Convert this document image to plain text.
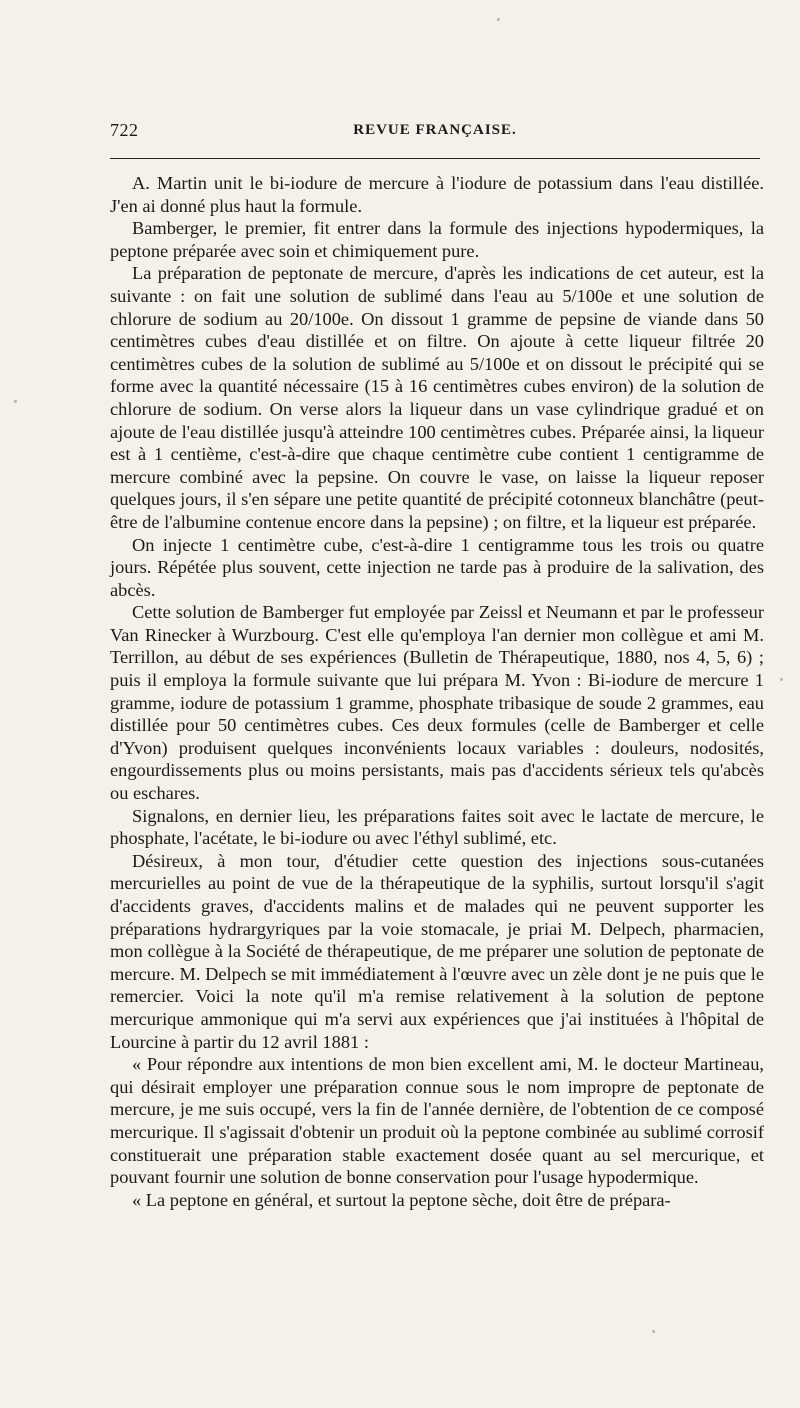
722	REVUE FRANÇAISE.

A. Martin unit le bi-iodure de mercure à l'iodure de potassium dans l'eau distillée. J'en ai donné plus haut la formule.

Bamberger, le premier, fit entrer dans la formule des injections hypodermiques, la peptone préparée avec soin et chimiquement pure.

La préparation de peptonate de mercure, d'après les indications de cet auteur, est la suivante : on fait une solution de sublimé dans l'eau au 5/100e et une solution de chlorure de sodium au 20/100e. On dissout 1 gramme de pepsine de viande dans 50 centimètres cubes d'eau distillée et on filtre. On ajoute à cette liqueur filtrée 20 centimètres cubes de la solution de sublimé au 5/100e et on dissout le précipité qui se forme avec la quantité nécessaire (15 à 16 centimètres cubes environ) de la solution de chlorure de sodium. On verse alors la liqueur dans un vase cylindrique gradué et on ajoute de l'eau distillée jusqu'à atteindre 100 centimètres cubes. Préparée ainsi, la liqueur est à 1 centième, c'est-à-dire que chaque centimètre cube contient 1 centigramme de mercure combiné avec la pepsine. On couvre le vase, on laisse la liqueur reposer quelques jours, il s'en sépare une petite quantité de précipité cotonneux blanchâtre (peut-être de l'albumine contenue encore dans la pepsine) ; on filtre, et la liqueur est préparée.

On injecte 1 centimètre cube, c'est-à-dire 1 centigramme tous les trois ou quatre jours. Répétée plus souvent, cette injection ne tarde pas à produire de la salivation, des abcès.

Cette solution de Bamberger fut employée par Zeissl et Neumann et par le professeur Van Rinecker à Wurzbourg. C'est elle qu'employa l'an dernier mon collègue et ami M. Terrillon, au début de ses expériences (Bulletin de Thérapeutique, 1880, nos 4, 5, 6) ; puis il employa la formule suivante que lui prépara M. Yvon : Bi-iodure de mercure 1 gramme, iodure de potassium 1 gramme, phosphate tribasique de soude 2 grammes, eau distillée pour 50 centimètres cubes. Ces deux formules (celle de Bamberger et celle d'Yvon) produisent quelques inconvénients locaux variables : douleurs, nodosités, engourdissements plus ou moins persistants, mais pas d'accidents sérieux tels qu'abcès ou eschares.

Signalons, en dernier lieu, les préparations faites soit avec le lactate de mercure, le phosphate, l'acétate, le bi-iodure ou avec l'éthyl sublimé, etc.

Désireux, à mon tour, d'étudier cette question des injections sous-cutanées mercurielles au point de vue de la thérapeutique de la syphilis, surtout lorsqu'il s'agit d'accidents graves, d'accidents malins et de malades qui ne peuvent supporter les préparations hydrargyriques par la voie stomacale, je priai M. Delpech, pharmacien, mon collègue à la Société de thérapeutique, de me préparer une solution de peptonate de mercure. M. Delpech se mit immédiatement à l'œuvre avec un zèle dont je ne puis que le remercier. Voici la note qu'il m'a remise relativement à la solution de peptone mercurique ammonique qui m'a servi aux expériences que j'ai instituées à l'hôpital de Lourcine à partir du 12 avril 1881 :

« Pour répondre aux intentions de mon bien excellent ami, M. le docteur Martineau, qui désirait employer une préparation connue sous le nom impropre de peptonate de mercure, je me suis occupé, vers la fin de l'année dernière, de l'obtention de ce composé mercurique. Il s'agissait d'obtenir un produit où la peptone combinée au sublimé corrosif constituerait une préparation stable exactement dosée quant au sel mercurique, et pouvant fournir une solution de bonne conservation pour l'usage hypodermique.

« La peptone en général, et surtout la peptone sèche, doit être de prépara-
